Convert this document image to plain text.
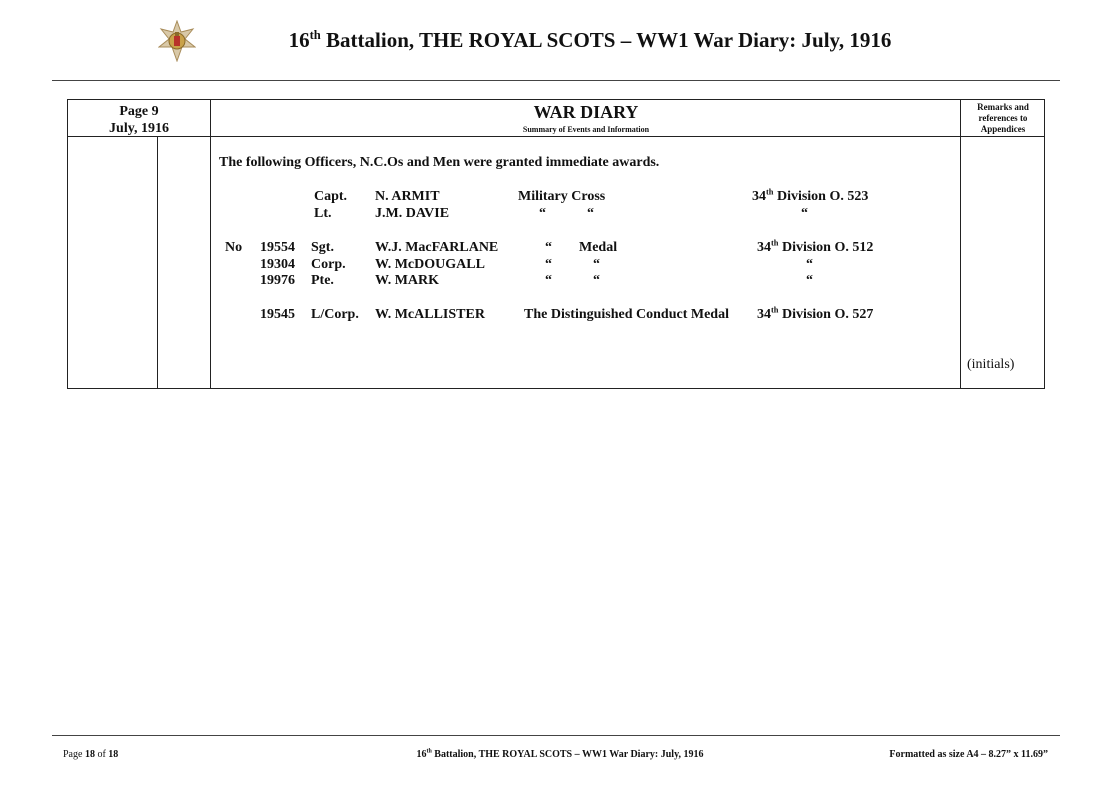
16th Battalion, THE ROYAL SCOTS – WW1 War Diary: July, 1916
Page 9
July, 1916
WAR DIARY
Summary of Events and Information
Remarks and
references to
Appendices
The following Officers, N.C.Os and Men were granted immediate awards.
Capt. N. ARMIT	Military Cross	34th Division O. 523
Lt.	J.M. DAVIE	“	“	“
No 19554 Sgt.	W.J. MacFARLANE	“ Medal	34th Division O. 512
19304 Corp. W. McDOUGALL	“	“	“
19976 Pte.	W. MARK	“	“	“
19545 L/Corp. W. McALLISTER	The Distinguished Conduct Medal 34th Division O. 527
(initials)
Page 18 of 18	16th Battalion, THE ROYAL SCOTS – WW1 War Diary: July, 1916	Formatted as size A4 – 8.27” x 11.69”
